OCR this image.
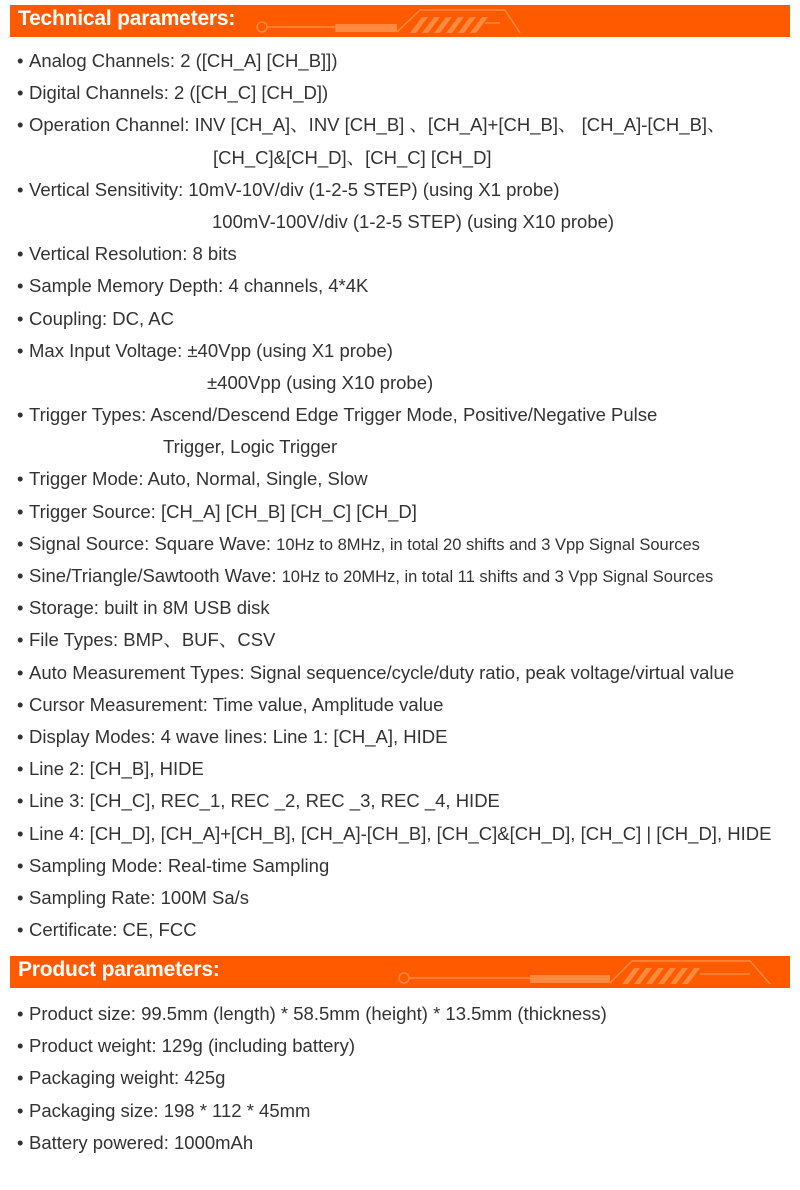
Technical parameters:
• Analog Channels: 2 ([CH_A] [CH_B]])
• Digital Channels: 2 ([CH_C] [CH_D])
• Operation Channel: INV [CH_A]、INV [CH_B] 、[CH_A]+[CH_B]、 [CH_A]-[CH_B]、
[CH_C]&[CH_D]、[CH_C] [CH_D]
• Vertical Sensitivity: 10mV-10V/div (1-2-5 STEP) (using X1 probe)
100mV-100V/div (1-2-5 STEP) (using X10 probe)
• Vertical Resolution: 8 bits
• Sample Memory Depth: 4 channels, 4*4K
• Coupling: DC, AC
• Max Input Voltage: ±40Vpp (using X1 probe)
±400Vpp (using X10 probe)
• Trigger Types: Ascend/Descend Edge Trigger Mode, Positive/Negative Pulse
Trigger, Logic Trigger
• Trigger Mode: Auto, Normal, Single, Slow
• Trigger Source: [CH_A] [CH_B] [CH_C] [CH_D]
• Signal Source: Square Wave: 10Hz to 8MHz, in total 20 shifts and 3 Vpp Signal Sources
• Sine/Triangle/Sawtooth Wave: 10Hz to 20MHz, in total 11 shifts and 3 Vpp Signal Sources
• Storage: built in 8M USB disk
• File Types: BMP、BUF、CSV
• Auto Measurement Types: Signal sequence/cycle/duty ratio, peak voltage/virtual value
• Cursor Measurement: Time value, Amplitude value
• Display Modes: 4 wave lines: Line 1: [CH_A], HIDE
• Line 2: [CH_B], HIDE
• Line 3: [CH_C], REC_1, REC _2, REC _3, REC _4, HIDE
• Line 4: [CH_D], [CH_A]+[CH_B], [CH_A]-[CH_B], [CH_C]&[CH_D], [CH_C] | [CH_D], HIDE
• Sampling Mode: Real-time Sampling
• Sampling Rate: 100M Sa/s
• Certificate: CE, FCC
Product parameters:
• Product size: 99.5mm (length) * 58.5mm (height) * 13.5mm (thickness)
• Product weight: 129g (including battery)
• Packaging weight: 425g
• Packaging size: 198 * 112 * 45mm
• Battery powered: 1000mAh
